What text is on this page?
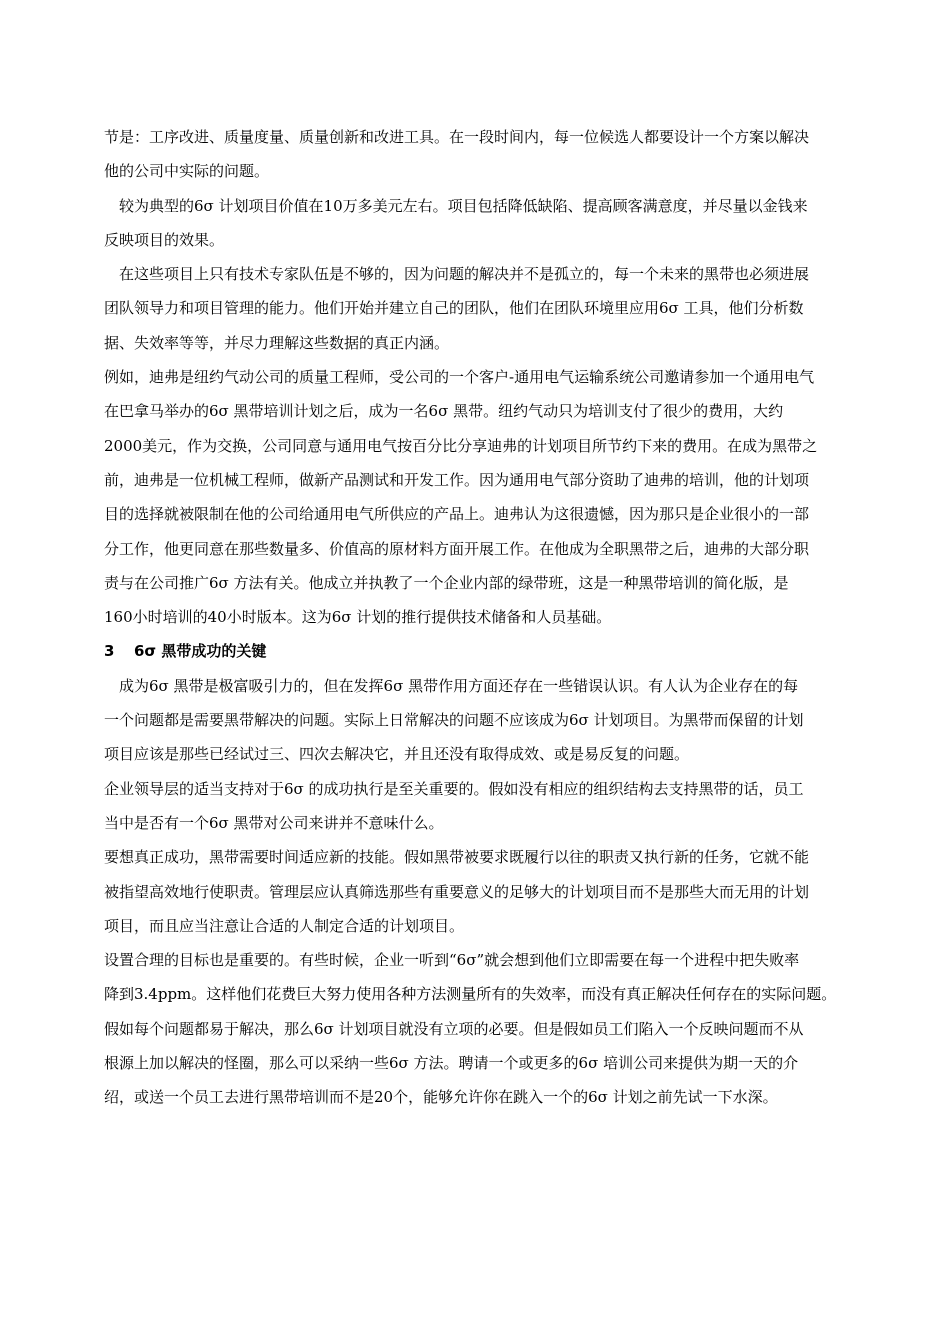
节是：工序改进、质量度量、质量创新和改进工具。在一段时间内，每一位候选人都要设计一个方案以解决
他的公司中实际的问题。
较为典型的6σ 计划项目价值在10万多美元左右。项目包括降低缺陷、提高顾客满意度，并尽量以金钱来
反映项目的效果。
在这些项目上只有技术专家队伍是不够的，因为问题的解决并不是孤立的，每一个未来的黑带也必须进展
团队领导力和项目管理的能力。他们开始并建立自己的团队，他们在团队环境里应用6σ 工具，他们分析数
据、失效率等等，并尽力理解这些数据的真正内涵。
例如，迪弗是纽约气动公司的质量工程师，受公司的一个客户-通用电气运输系统公司邀请参加一个通用电气
在巴拿马举办的6σ 黑带培训计划之后，成为一名6σ 黑带。纽约气动只为培训支付了很少的费用，大约
2000美元，作为交换，公司同意与通用电气按百分比分享迪弗的计划项目所节约下来的费用。在成为黑带之
前，迪弗是一位机械工程师，做新产品测试和开发工作。因为通用电气部分资助了迪弗的培训，他的计划项
目的选择就被限制在他的公司给通用电气所供应的产品上。迪弗认为这很遗憾，因为那只是企业很小的一部
分工作，他更同意在那些数量多、价值高的原材料方面开展工作。在他成为全职黑带之后，迪弗的大部分职
责与在公司推广6σ 方法有关。他成立并执教了一个企业内部的绿带班，这是一种黑带培训的简化版，是
160小时培训的40小时版本。这为6σ 计划的推行提供技术储备和人员基础。
3 6σ 黑带成功的关键
成为6σ 黑带是极富吸引力的，但在发挥6σ 黑带作用方面还存在一些错误认识。有人认为企业存在的每
一个问题都是需要黑带解决的问题。实际上日常解决的问题不应该成为6σ 计划项目。为黑带而保留的计划
项目应该是那些已经试过三、四次去解决它，并且还没有取得成效、或是易反复的问题。
企业领导层的适当支持对于6σ 的成功执行是至关重要的。假如没有相应的组织结构去支持黑带的话，员工
当中是否有一个6σ 黑带对公司来讲并不意味什么。
要想真正成功，黑带需要时间适应新的技能。假如黑带被要求既履行以往的职责又执行新的任务，它就不能
被指望高效地行使职责。管理层应认真筛选那些有重要意义的足够大的计划项目而不是那些大而无用的计划
项目，而且应当注意让合适的人制定合适的计划项目。
设置合理的目标也是重要的。有些时候，企业一听到“6σ”就会想到他们立即需要在每一个进程中把失败率
降到3.4ppm。这样他们花费巨大努力使用各种方法测量所有的失效率，而没有真正解决任何存在的实际问题。
假如每个问题都易于解决，那么6σ 计划项目就没有立项的必要。但是假如员工们陷入一个反映问题而不从
根源上加以解决的怪圈，那么可以采纳一些6σ 方法。聘请一个或更多的6σ 培训公司来提供为期一天的介
绍，或送一个员工去进行黑带培训而不是20个，能够允许你在跳入一个的6σ 计划之前先试一下水深。
